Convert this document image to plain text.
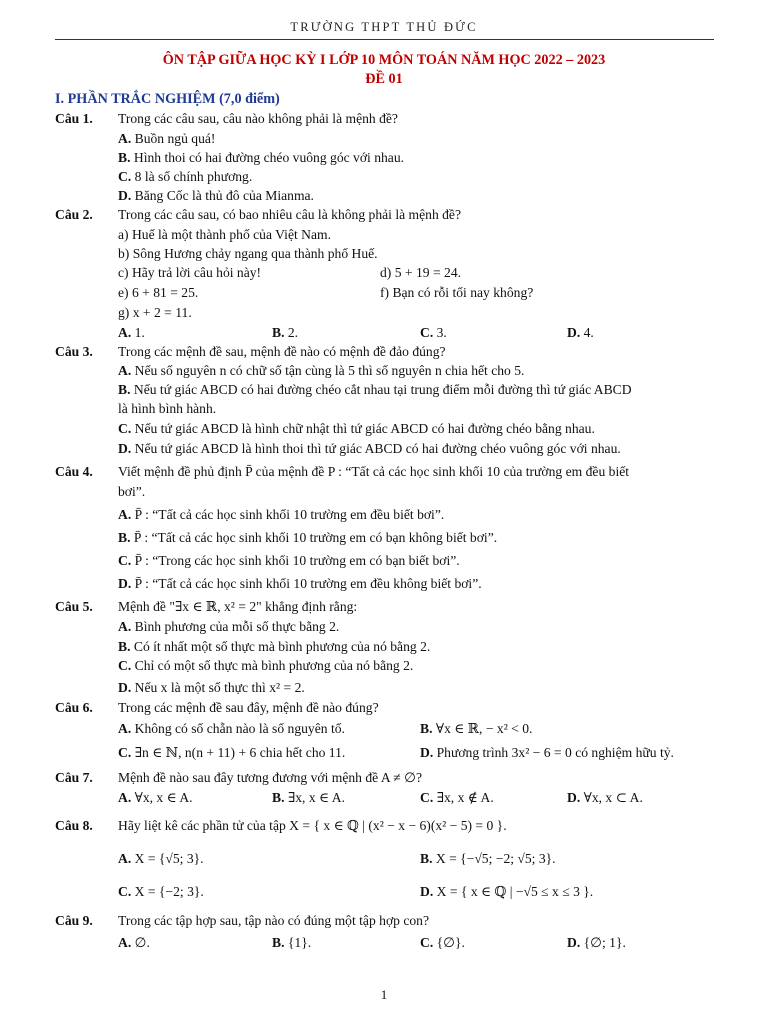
TRƯỜNG THPT THỦ ĐỨC
ÔN TẬP GIỮA HỌC KỲ I LỚP 10 MÔN TOÁN NĂM HỌC 2022 – 2023
ĐỀ 01
I. PHẦN TRẮC NGHIỆM (7,0 điểm)
Câu 1. Trong các câu sau, câu nào không phải là mệnh đề?
A. Buồn ngủ quá!
B. Hình thoi có hai đường chéo vuông góc với nhau.
C. 8 là số chính phương.
D. Băng Cốc là thủ đô của Mianma.
Câu 2. Trong các câu sau, có bao nhiêu câu là không phải là mệnh đề?
a) Huế là một thành phố của Việt Nam.
b) Sông Hương chảy ngang qua thành phố Huế.
c) Hãy trả lời câu hỏi này!	d) 5 + 19 = 24.
e) 6 + 81 = 25.	f) Bạn có rỗi tối nay không?
g) x + 2 = 11.
A. 1.	B. 2.	C. 3.	D. 4.
Câu 3. Trong các mệnh đề sau, mệnh đề nào có mệnh đề đảo đúng?
A. Nếu số nguyên n có chữ số tận cùng là 5 thì số nguyên n chia hết cho 5.
B. Nếu tứ giác ABCD có hai đường chéo cắt nhau tại trung điểm mỗi đường thì tứ giác ABCD
là hình bình hành.
C. Nếu tứ giác ABCD là hình chữ nhật thì tứ giác ABCD có hai đường chéo bằng nhau.
D. Nếu tứ giác ABCD là hình thoi thì tứ giác ABCD có hai đường chéo vuông góc với nhau.
Câu 4. Viết mệnh đề phủ định P̄ của mệnh đề P : “Tất cả các học sinh khối 10 của trường em đều biết
bơi”.
A. P̄ : “Tất cả các học sinh khối 10 trường em đều biết bơi”.
B. P̄ : “Tất cả các học sinh khối 10 trường em có bạn không biết bơi”.
C. P̄ : “Trong các học sinh khối 10 trường em có bạn biết bơi”.
D. P̄ : “Tất cả các học sinh khối 10 trường em đều không biết bơi”.
Câu 5. Mệnh đề "∃x ∈ ℝ, x² = 2" khẳng định rằng:
A. Bình phương của mỗi số thực bằng 2.
B. Có ít nhất một số thực mà bình phương của nó bằng 2.
C. Chỉ có một số thực mà bình phương của nó bằng 2.
D. Nếu x là một số thực thì x² = 2.
Câu 6. Trong các mệnh đề sau đây, mệnh đề nào đúng?
A. Không có số chẵn nào là số nguyên tố.	B. ∀x ∈ ℝ, − x² < 0.
C. ∃n ∈ ℕ, n(n + 11) + 6 chia hết cho 11.	D. Phương trình 3x² − 6 = 0 có nghiệm hữu tỷ.
Câu 7. Mệnh đề nào sau đây tương đương với mệnh đề A ≠ ∅?
A. ∀x, x ∈ A.	B. ∃x, x ∈ A.	C. ∃x, x ∉ A.	D. ∀x, x ⊂ A.
Câu 8. Hãy liệt kê các phần tử của tập X = { x ∈ ℚ | (x² − x − 6)(x² − 5) = 0 }.
A. X = {√5; 3}.	B. X = {−√5; −2; √5; 3}.
C. X = {−2; 3}.	D. X = { x ∈ ℚ | −√5 ≤ x ≤ 3 }.
Câu 9. Trong các tập hợp sau, tập nào có đúng một tập hợp con?
A. ∅.	B. {1}.	C. {∅}.	D. {∅; 1}.
1
